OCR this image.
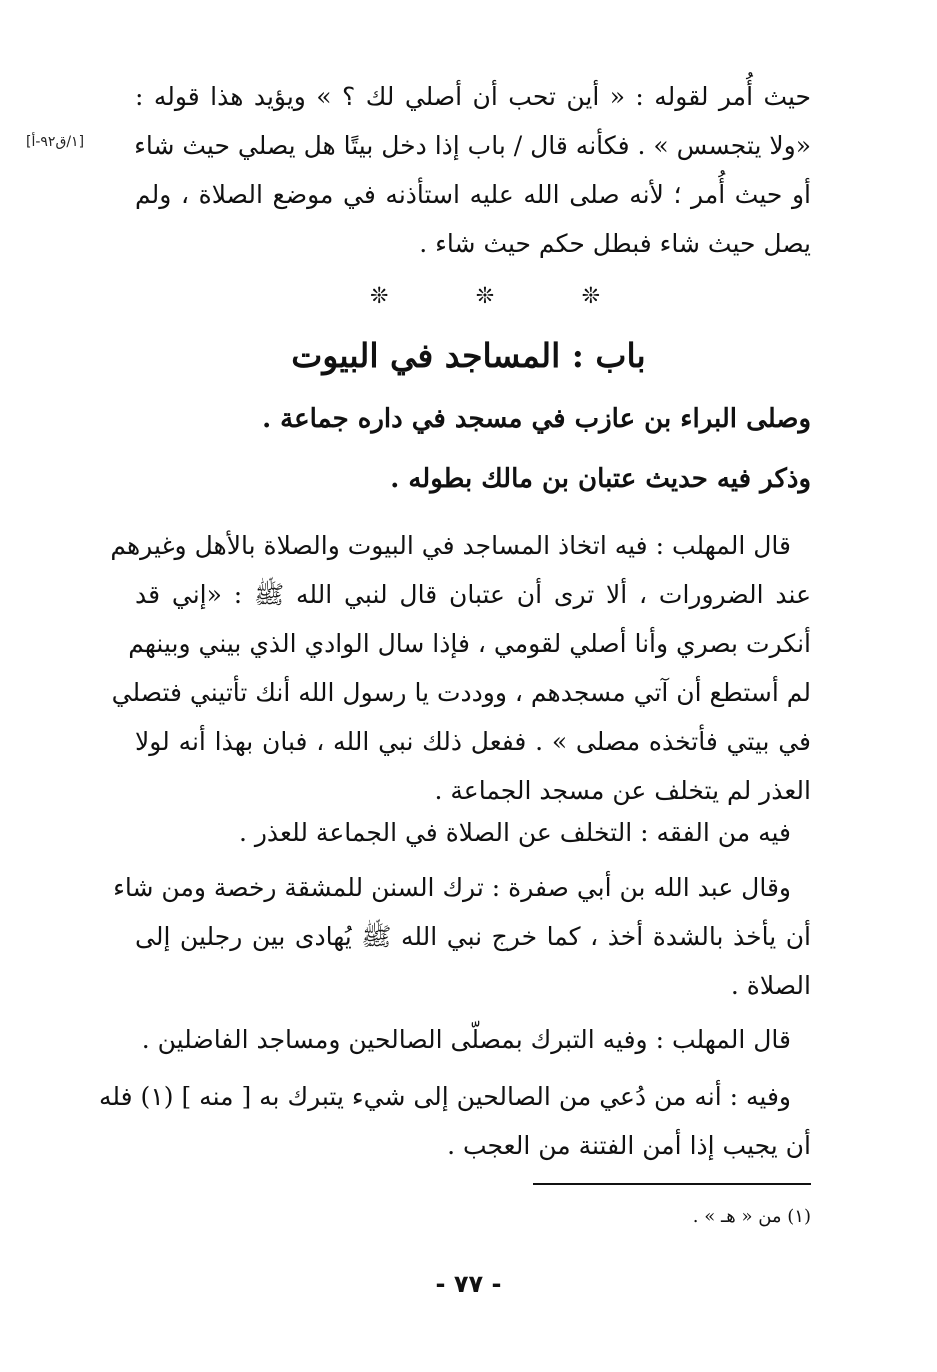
[١/ق٩٢-أ]
حيث أُمر لقوله : « أين تحب أن أصلي لك ؟ » ويؤيد هذا قوله :
«ولا يتجسس » . فكأنه قال / باب إذا دخل بيتًا هل يصلي حيث شاء
أو حيث أُمر ؛ لأنه صلى الله عليه استأذنه في موضع الصلاة ، ولم
يصل حيث شاء فبطل حكم حيث شاء .
❊	❊	❊
باب : المساجد في البيوت
وصلى البراء بن عازب في مسجد في داره جماعة .
وذكر فيه حديث عتبان بن مالك بطوله .
قال المهلب : فيه اتخاذ المساجد في البيوت والصلاة بالأهل وغيرهم
عند الضرورات ، ألا ترى أن عتبان قال لنبي الله ﷺ : «إني قد
أنكرت بصري وأنا أصلي لقومي ، فإذا سال الوادي الذي بيني وبينهم
لم أستطع أن آتي مسجدهم ، ووددت يا رسول الله أنك تأتيني فتصلي
في بيتي فأتخذه مصلى » . ففعل ذلك نبي الله ، فبان بهذا أنه لولا
العذر لم يتخلف عن مسجد الجماعة .
فيه من الفقه : التخلف عن الصلاة في الجماعة للعذر .
وقال عبد الله بن أبي صفرة : ترك السنن للمشقة رخصة ومن شاء
أن يأخذ بالشدة أخذ ، كما خرج نبي الله ﷺ يُهادى بين رجلين إلى
الصلاة .
قال المهلب : وفيه التبرك بمصلّى الصالحين ومساجد الفاضلين .
وفيه : أنه من دُعي من الصالحين إلى شيء يتبرك به [ منه ] (١) فله
أن يجيب إذا أمن الفتنة من العجب .
(١) من « هـ » .
- ٧٧ -
